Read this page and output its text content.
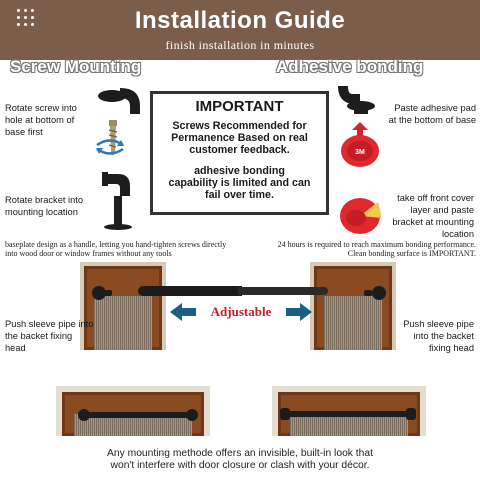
Installation Guide
finish installation in minutes
Screw Mounting	Adhesive bonding
Rotate screw into hole at bottom of base first
Rotate bracket into mounting location
baseplate design as a handle, letting you hand-tighten screws directly into wood door or window frames without any tools
Paste adhesive pad at the bottom of base
3M
take off front cover layer and paste bracket at mounting location
24 hours is required to reach maximum bonding performance. Clean bonding surface is IMPORTANT.
IMPORTANT
Screws Recommended for
Permanence Based on real
customer feedback.
adhesive bonding
capability is limited and can
fail over time.
Adjustable
Push sleeve pipe into the backet fixing head
Push sleeve pipe into the backet fixing head
Any mounting methode offers an invisible, built-in look that
won't interfere with door closure or clash with your décor.
